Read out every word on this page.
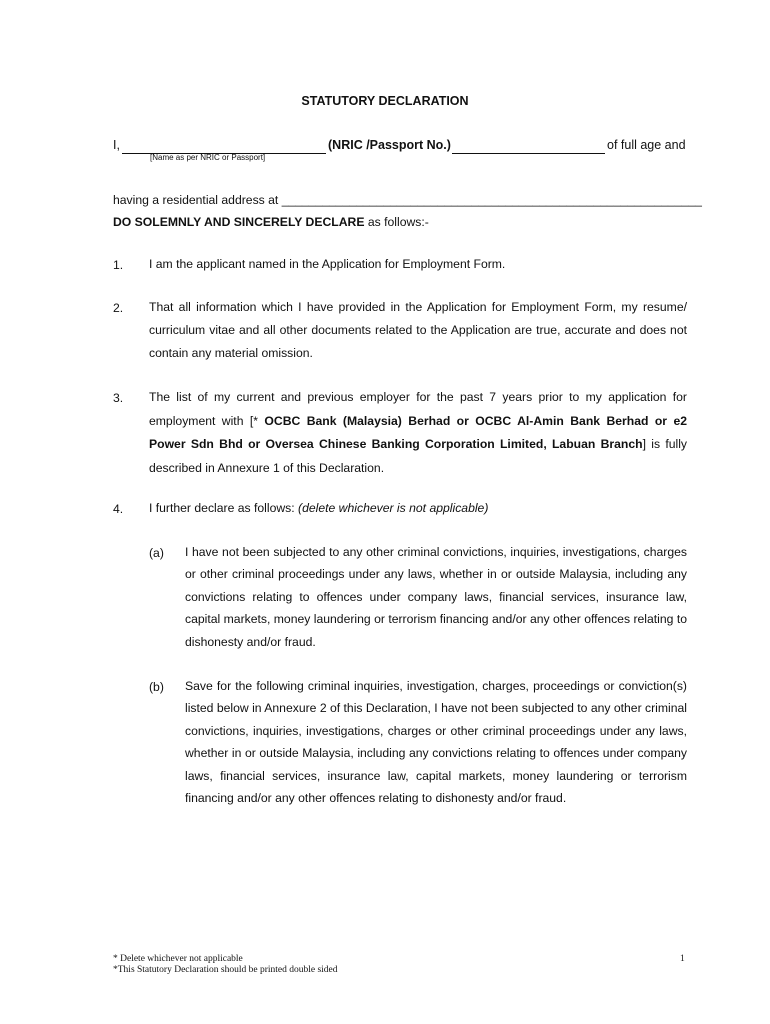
STATUTORY DECLARATION
I,	(NRIC /Passport No.)	of full age and
[Name as per NRIC or Passport]
having a residential address at ______________________________________________________________
DO SOLEMNLY AND SINCERELY DECLARE as follows:-
1. I am the applicant named in the Application for Employment Form.
2. That all information which I have provided in the Application for Employment Form, my resume/ curriculum vitae and all other documents related to the Application are true, accurate and does not contain any material omission.
3. The list of my current and previous employer for the past 7 years prior to my application for employment with [* OCBC Bank (Malaysia) Berhad or OCBC Al-Amin Bank Berhad or e2 Power Sdn Bhd or Oversea Chinese Banking Corporation Limited, Labuan Branch] is fully described in Annexure 1 of this Declaration.
4. I further declare as follows: (delete whichever is not applicable)
(a) I have not been subjected to any other criminal convictions, inquiries, investigations, charges or other criminal proceedings under any laws, whether in or outside Malaysia, including any convictions relating to offences under company laws, financial services, insurance law, capital markets, money laundering or terrorism financing and/or any other offences relating to dishonesty and/or fraud.
(b) Save for the following criminal inquiries, investigation, charges, proceedings or conviction(s) listed below in Annexure 2 of this Declaration, I have not been subjected to any other criminal convictions, inquiries, investigations, charges or other criminal proceedings under any laws, whether in or outside Malaysia, including any convictions relating to offences under company laws, financial services, insurance law, capital markets, money laundering or terrorism financing and/or any other offences relating to dishonesty and/or fraud.
* Delete whichever not applicable
*This Statutory Declaration should be printed double sided
1
